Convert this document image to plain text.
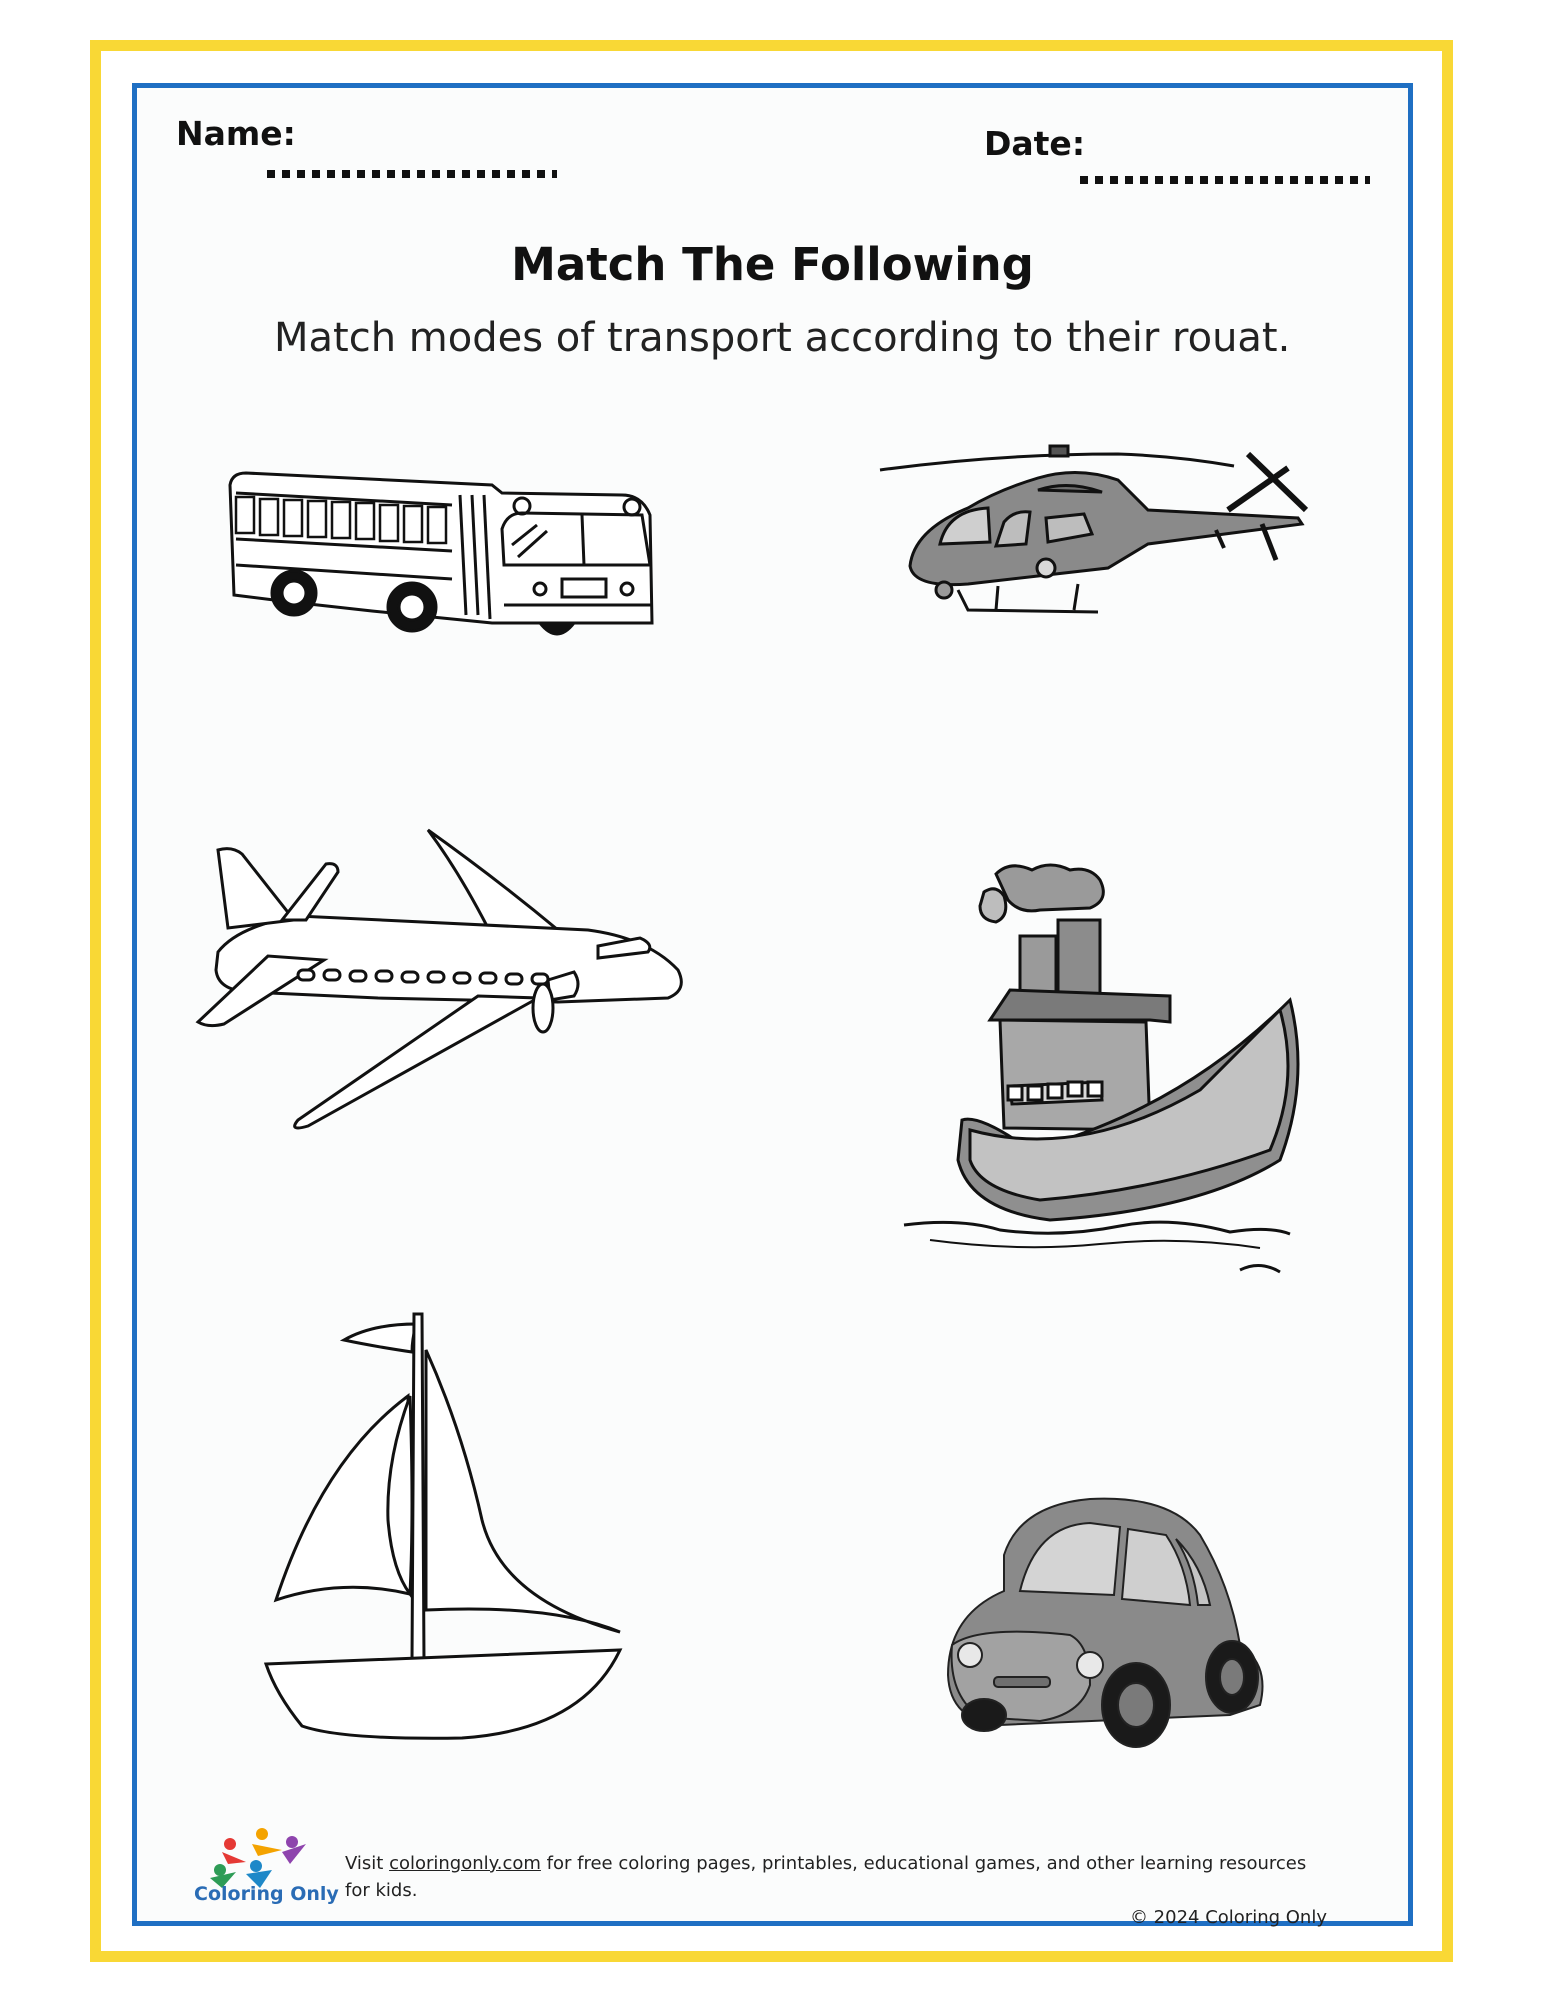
Name:	Date:
Match The Following
Match modes of transport according to their rouat.
Coloring Only
Visit coloringonly.com for free coloring pages, printables, educational games, and other learning resources for kids.
© 2024 Coloring Only
